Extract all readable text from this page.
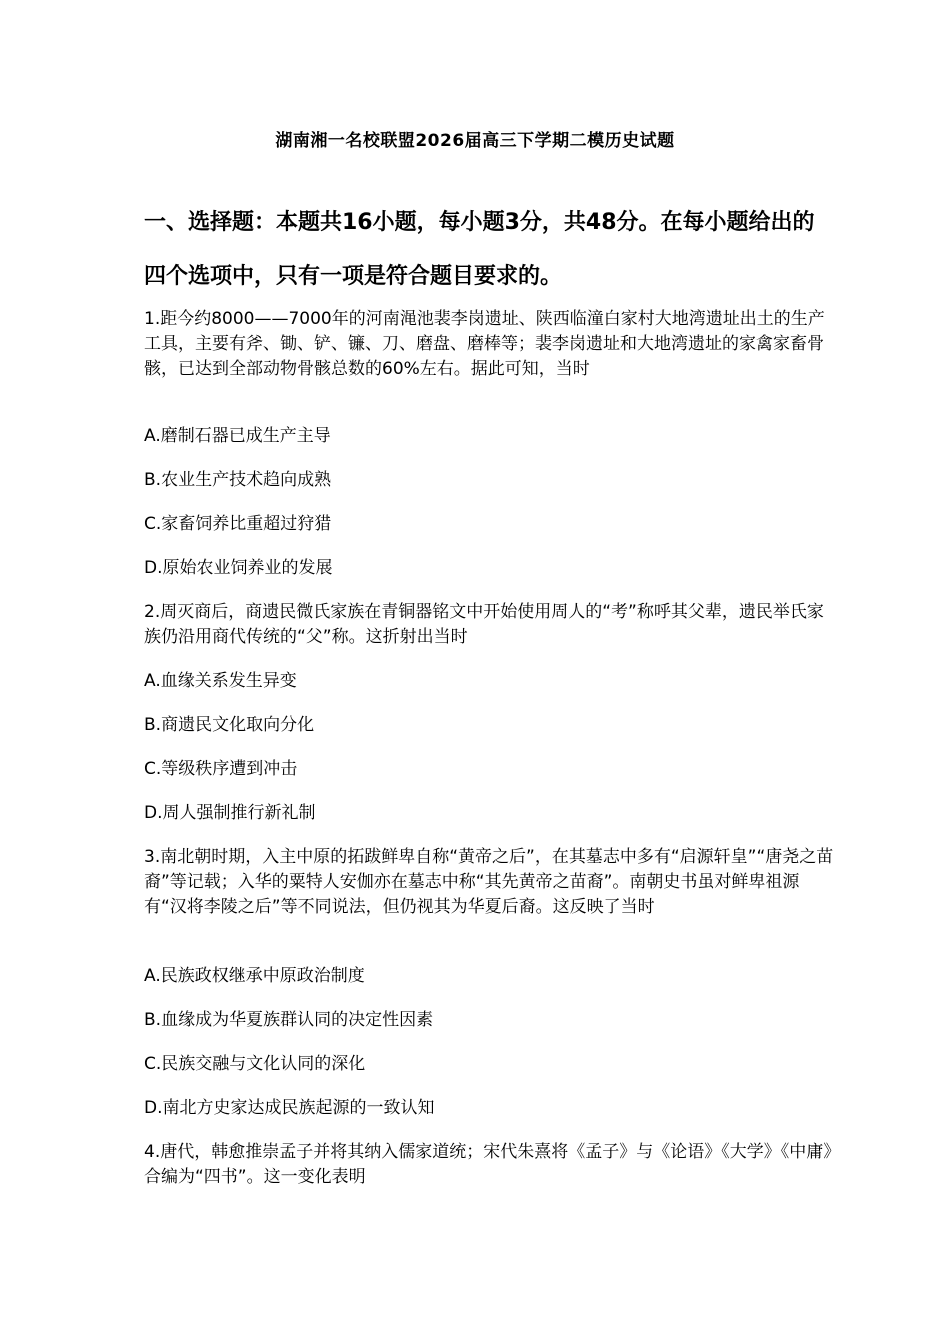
湖南湘一名校联盟2026届高三下学期二模历史试题
一、选择题：本题共16小题，每小题3分，共48分。在每小题给出的四个选项中，只有一项是符合题目要求的。

1.距今约8000——7000年的河南渑池裴李岗遗址、陕西临潼白家村大地湾遗址出土的生产工具，主要有斧、锄、铲、镰、刀、磨盘、磨棒等；裴李岗遗址和大地湾遗址的家禽家畜骨骸，已达到全部动物骨骸总数的60%左右。据此可知，当时

A.磨制石器已成生产主导

B.农业生产技术趋向成熟

C.家畜饲养比重超过狩猎

D.原始农业饲养业的发展

2.周灭商后，商遗民微氏家族在青铜器铭文中开始使用周人的“考”称呼其父辈，遗民举氏家族仍沿用商代传统的“父”称。这折射出当时

A.血缘关系发生异变

B.商遗民文化取向分化

C.等级秩序遭到冲击

D.周人强制推行新礼制

3.南北朝时期，入主中原的拓跋鲜卑自称“黄帝之后”，在其墓志中多有“启源轩皇”“唐尧之苗裔”等记载；入华的粟特人安伽亦在墓志中称“其先黄帝之苗裔”。南朝史书虽对鲜卑祖源有“汉将李陵之后”等不同说法，但仍视其为华夏后裔。这反映了当时

A.民族政权继承中原政治制度

B.血缘成为华夏族群认同的决定性因素

C.民族交融与文化认同的深化

D.南北方史家达成民族起源的一致认知

4.唐代，韩愈推崇孟子并将其纳入儒家道统；宋代朱熹将《孟子》与《论语》《大学》《中庸》合编为“四书”。这一变化表明
